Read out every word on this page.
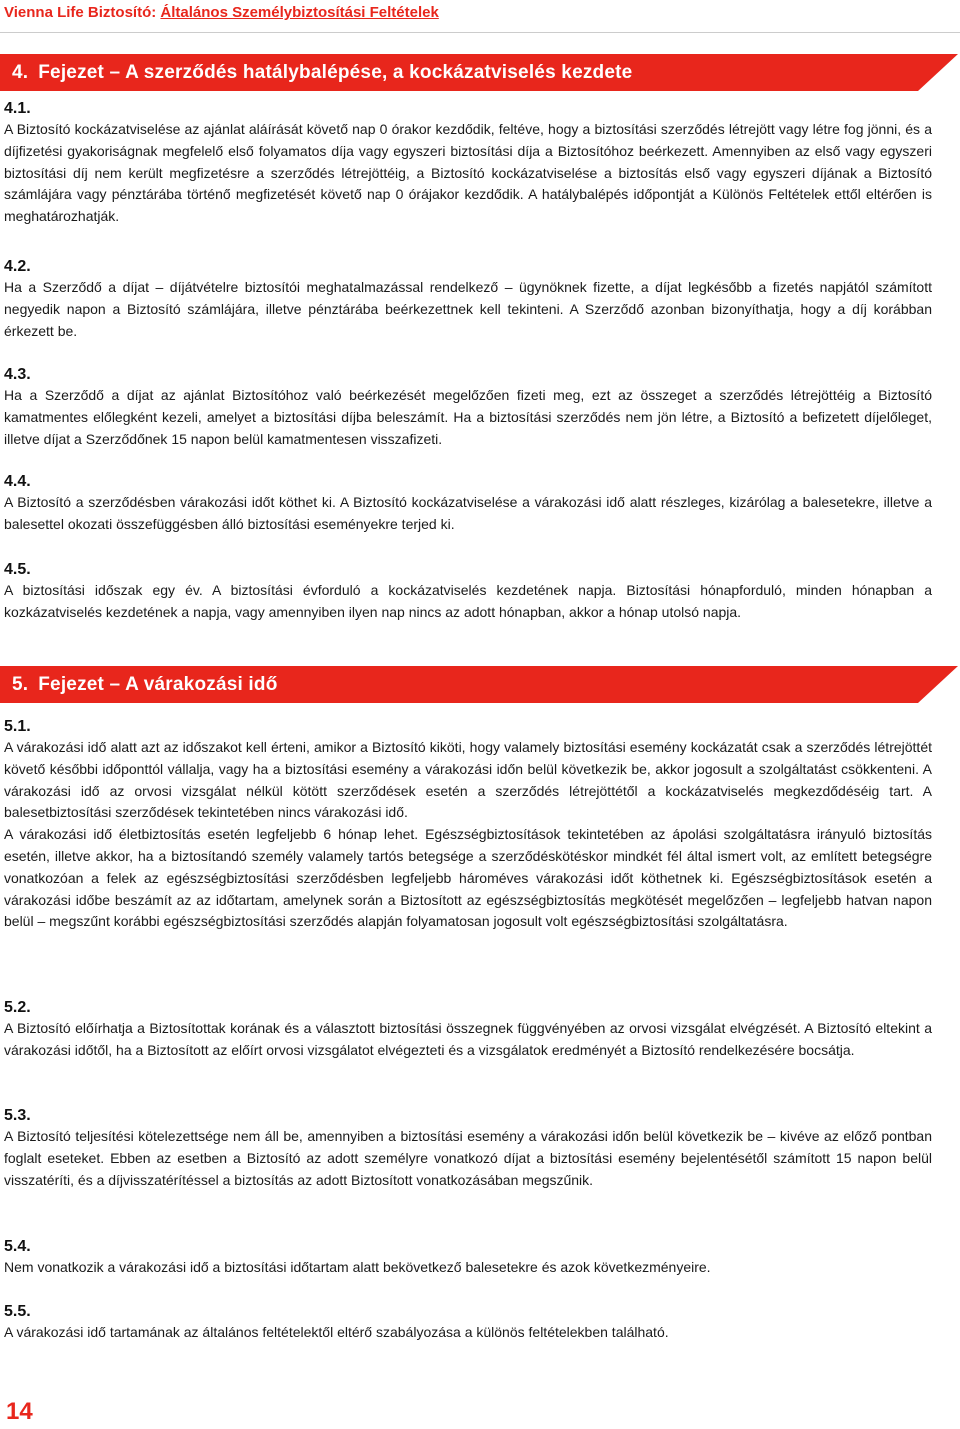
Vienna Life Biztosító: Általános Személybiztosítási Feltételek
4. Fejezet – A szerződés hatálybalépése, a kockázatviselés kezdete
4.1.

A Biztosító kockázatviselése az ajánlat aláírását követő nap 0 órakor kezdődik, feltéve, hogy a biztosítási szerződés létrejött vagy létre fog jönni, és a díjfizetési gyakoriságnak megfelelő első folyamatos díja vagy egyszeri biztosítási díja a Biztosítóhoz beérkezett. Amennyiben az első vagy egyszeri biztosítási díj nem került megfizetésre a szerződés létrejöttéig, a Biztosító kockázatviselése a biztosítás első vagy egyszeri díjának a Biztosító számlájára vagy pénztárába történő megfizetését követő nap 0 órájakor kezdődik. A hatálybalépés időpontját a Különös Feltételek ettől eltérően is meghatározhatják.

4.2.

Ha a Szerződő a díjat – díjátvételre biztosítói meghatalmazással rendelkező – ügynöknek fizette, a díjat legkésőbb a fizetés napjától számított negyedik napon a Biztosító számlájára, illetve pénztárába beérkezettnek kell tekinteni. A Szerződő azonban bizonyíthatja, hogy a díj korábban érkezett be.

4.3.

Ha a Szerződő a díjat az ajánlat Biztosítóhoz való beérkezését megelőzően fizeti meg, ezt az összeget a szerződés létrejöttéig a Biztosító kamatmentes előlegként kezeli, amelyet a biztosítási díjba beleszámít. Ha a biztosítási szerződés nem jön létre, a Biztosító a befizetett díjelőleget, illetve díjat a Szerződőnek 15 napon belül kamatmentesen visszafizeti.

4.4.

A Biztosító a szerződésben várakozási időt köthet ki. A Biztosító kockázatviselése a várakozási idő alatt részleges, kizárólag a balesetekre, illetve a balesettel okozati összefüggésben álló biztosítási eseményekre terjed ki.

4.5.

A biztosítási időszak egy év. A biztosítási évforduló a kockázatviselés kezdetének napja. Biztosítási hónapforduló, minden hónapban a kozkázatviselés kezdetének a napja, vagy amennyiben ilyen nap nincs az adott hónapban, akkor a hónap utolsó napja.

5. Fejezet – A várakozási idő
5.1.

A várakozási idő alatt azt az időszakot kell érteni, amikor a Biztosító kiköti, hogy valamely biztosítási esemény kockázatát csak a szerződés létrejöttét követő későbbi időponttól vállalja, vagy ha a biztosítási esemény a várakozási időn belül következik be, akkor jogosult a szolgáltatást csökkenteni. A várakozási idő az orvosi vizsgálat nélkül kötött szerződések esetén a szerződés létrejöttétől a kockázatviselés megkezdődéséig tart. A balesetbiztosítási szerződések tekintetében nincs várakozási idő.

A várakozási idő életbiztosítás esetén legfeljebb 6 hónap lehet. Egészségbiztosítások tekintetében az ápolási szolgáltatásra irányuló biztosítás esetén, illetve akkor, ha a biztosítandó személy valamely tartós betegsége a szerződéskötéskor mindkét fél által ismert volt, az említett betegségre vonatkozóan a felek az egészségbiztosítási szerződésben legfeljebb hároméves várakozási időt köthetnek ki. Egészségbiztosítások esetén a várakozási időbe beszámít az az időtartam, amelynek során a Biztosított az egészségbiztosítás megkötését megelőzően – legfeljebb hatvan napon belül – megszűnt korábbi egészségbiztosítási szerződés alapján folyamatosan jogosult volt egészségbiztosítási szolgáltatásra.

5.2.

A Biztosító előírhatja a Biztosítottak korának és a választott biztosítási összegnek függvényében az orvosi vizsgálat elvégzését. A Biztosító eltekint a várakozási időtől, ha a Biztosított az előírt orvosi vizsgálatot elvégezteti és a vizsgálatok eredményét a Biztosító rendelkezésére bocsátja.

5.3.

A Biztosító teljesítési kötelezettsége nem áll be, amennyiben a biztosítási esemény a várakozási időn belül következik be – kivéve az előző pontban foglalt eseteket. Ebben az esetben a Biztosító az adott személyre vonatkozó díjat a biztosítási esemény bejelentésétől számított 15 napon belül visszatéríti, és a díjvisszatérítéssel a biztosítás az adott Biztosított vonatkozásában megszűnik.

5.4.

Nem vonatkozik a várakozási idő a biztosítási időtartam alatt bekövetkező balesetekre és azok következményeire.

5.5.

A várakozási idő tartamának az általános feltételektől eltérő szabályozása a különös feltételekben található.

14
